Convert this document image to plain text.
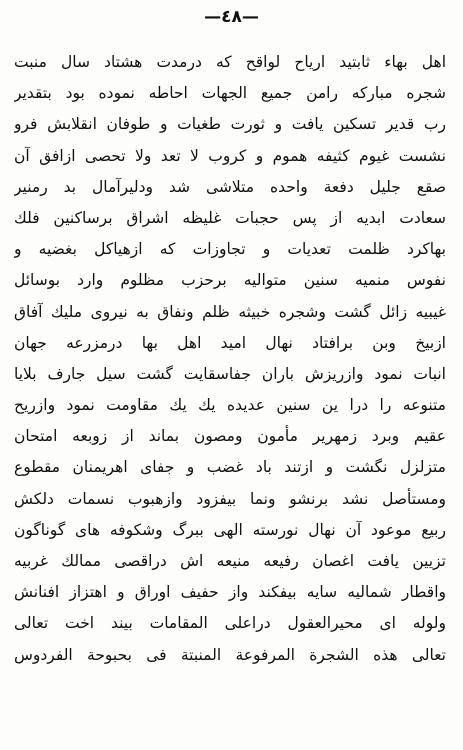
—٤٨—
اهل بهاء ثابتيد ارياح لواقح كه درمدت هشتاد سال منبت
شجره مباركه رامن جميع الجهات احاطه نموده بود بتقدير
رب قدير تسكين يافت و ثورت طغيات و طوفان انقلابش فرو
نشست غيوم كثيفه هموم و كروب لا تعد ولا تحصى ازافق آن
صقع جليل دفعة واحده متلاشى شد ودليرآمال بد رمنير
سعادت ابديه از پس حجبات غليظه اشراق برساكنين فلك
بهاكرد ظلمت تعديات و تجاوزات كه ازهياكل بغضيه و
نفوس منميه سنين متواليه برحزب مظلوم وارد بوسائل
غيبيه زائل گشت وشجره خبيثه ظلم ونفاق به نيروى مليك آفاق
ازبيخ وبن برافتاد نهال اميد اهل بها درمزرعه جهان
انبات نمود وازريزش باران جفاسقايت گشت سيل جارف بلايا
متنوعه را درا ين سنين عديده يك يك مقاومت نمود وازريح
عقيم وبرد زمهرير مأمون ومصون بماند از زوبعه امتحان
متزلزل نگشت و ازتند باد غضب و جفاى اهريمنان مقطوع
ومستأصل نشد برنشو ونما بيفزود وازهبوب نسمات دلكش
ربيع موعود آن نهال نورسته الهى ببرگ وشكوفه هاى گوناگون
تزيين يافت اغصان رفيعه منيعه اش دراقصى ممالك غربيه
واقطار شماليه سايه بيفكند واز حفيف اوراق و اهتزاز افنانش
ولوله اى محيرالعقول دراعلى المقامات بيند اخت تعالى
تعالى هذه الشجرة المرفوعة المنبتة فى بحبوحة الفردوس
